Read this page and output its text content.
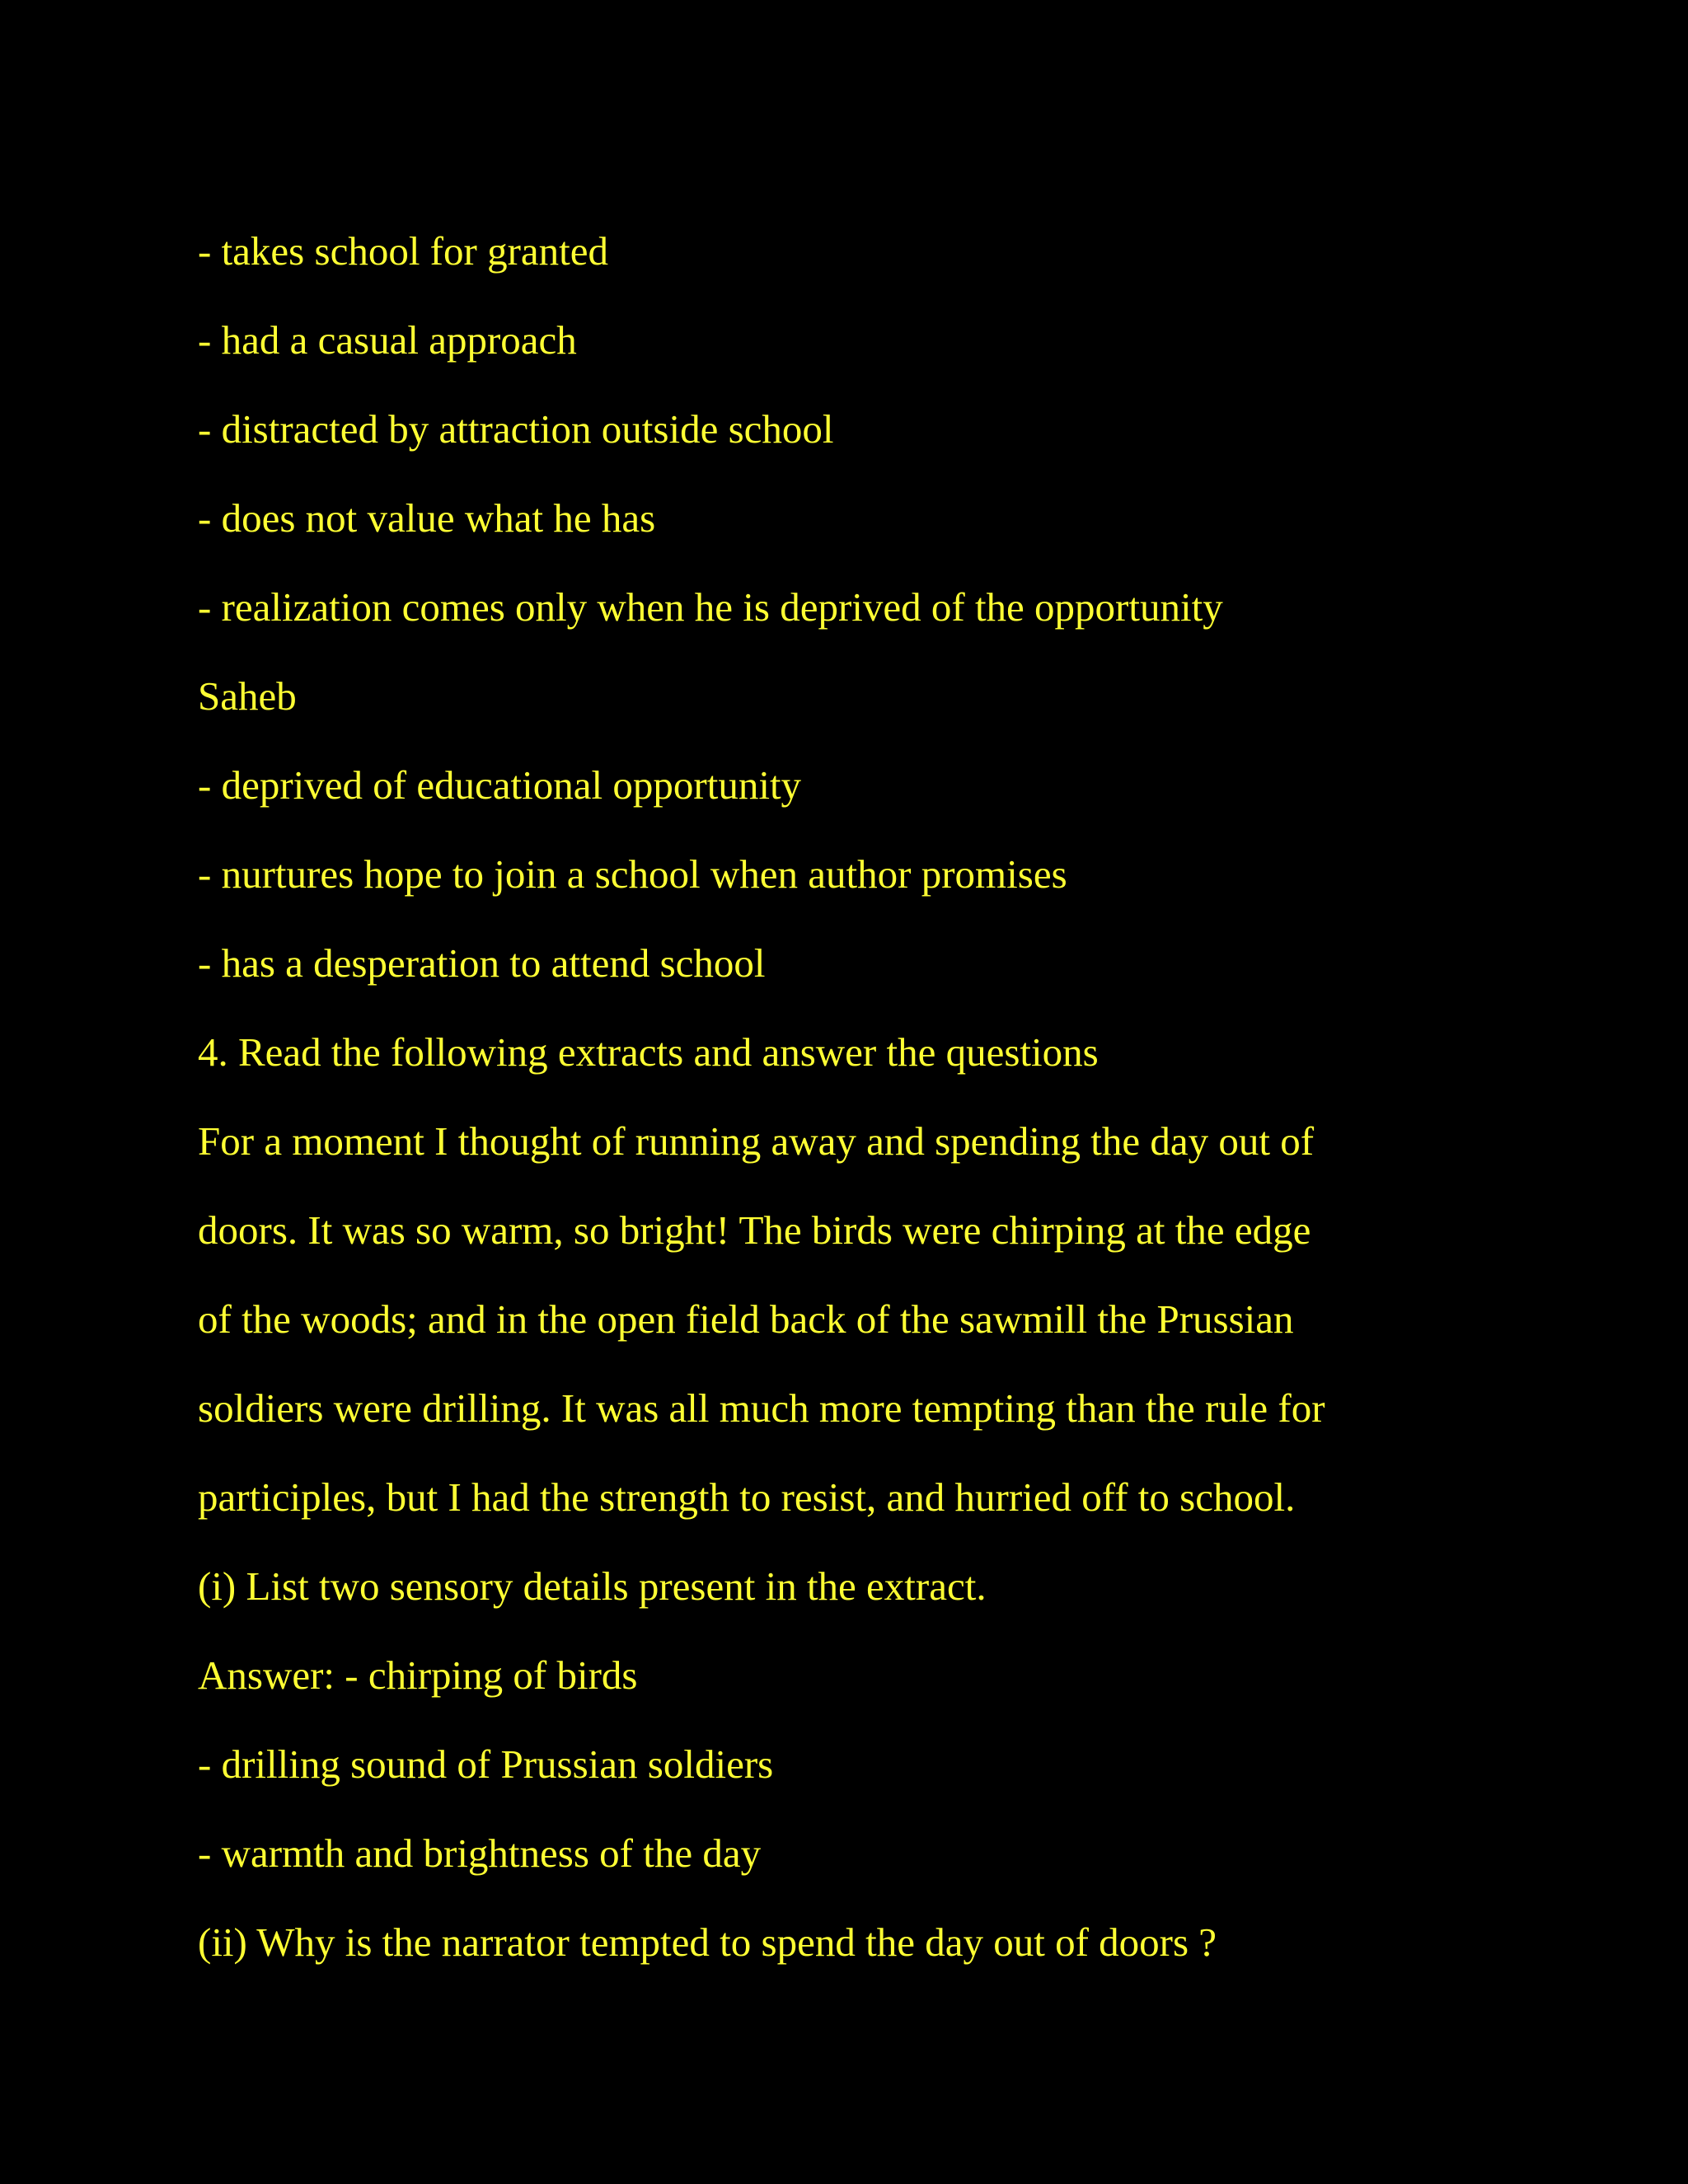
- takes school for granted
- had a casual approach
- distracted by attraction outside school
- does not value what he has
- realization comes only when he is deprived of the opportunity
Saheb
- deprived of educational opportunity
- nurtures hope to join a school when author promises
- has a desperation to attend school
4. Read the following extracts and answer the questions
For a moment I thought of running away and spending the day out of
doors. It was so warm, so bright! The birds were chirping at the edge
of the woods; and in the open field back of the sawmill the Prussian
soldiers were drilling. It was all much more tempting than the rule for
participles, but I had the strength to resist, and hurried off to school.
(i) List two sensory details present in the extract.
Answer: - chirping of birds
- drilling sound of Prussian soldiers
- warmth and brightness of the day
(ii) Why is the narrator tempted to spend the day out of doors ?
